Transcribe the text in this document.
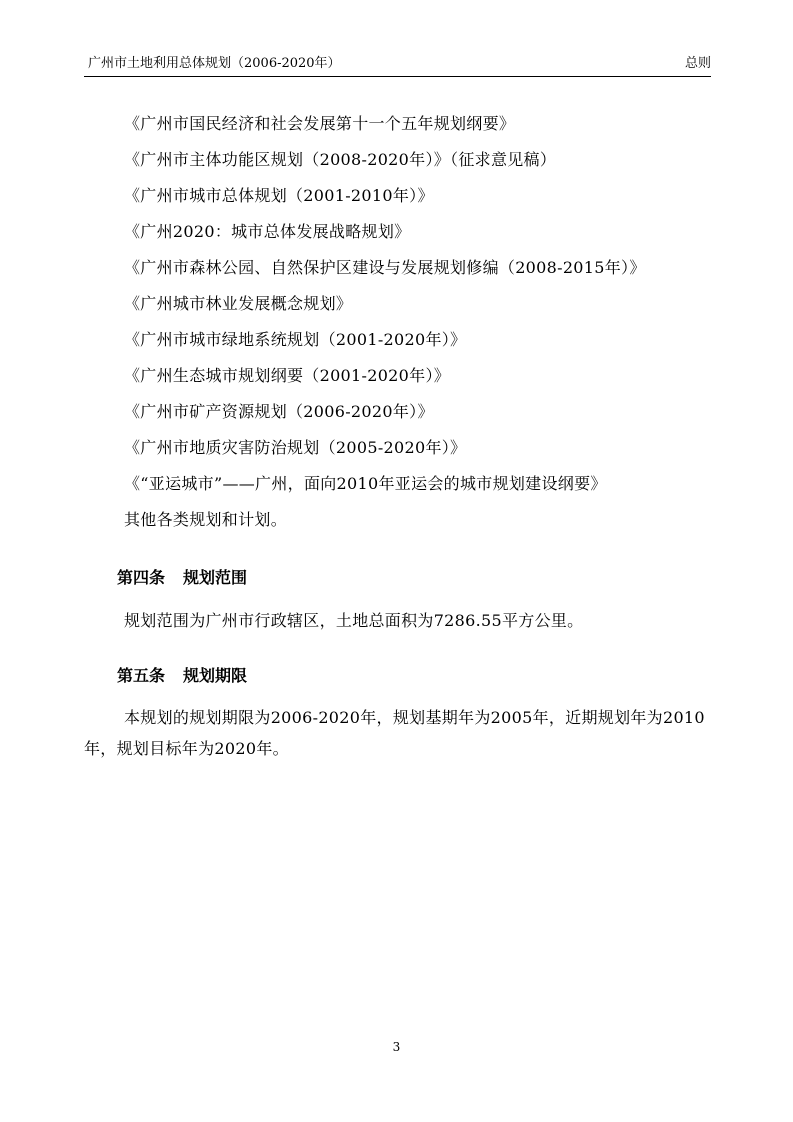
广州市土地利用总体规划（2006-2020年）	总则
《广州市国民经济和社会发展第十一个五年规划纲要》
《广州市主体功能区规划（2008-2020年）》（征求意见稿）
《广州市城市总体规划（2001-2010年）》
《广州2020：城市总体发展战略规划》
《广州市森林公园、自然保护区建设与发展规划修编（2008-2015年）》
《广州城市林业发展概念规划》
《广州市城市绿地系统规划（2001-2020年）》
《广州生态城市规划纲要（2001-2020年）》
《广州市矿产资源规划（2006-2020年）》
《广州市地质灾害防治规划（2005-2020年）》
《“亚运城市”——广州，面向2010年亚运会的城市规划建设纲要》
其他各类规划和计划。
第四条 规划范围
规划范围为广州市行政辖区，土地总面积为7286.55平方公里。
第五条 规划期限
本规划的规划期限为2006-2020年，规划基期年为2005年，近期规划年为2010年，规划目标年为2020年。
3
